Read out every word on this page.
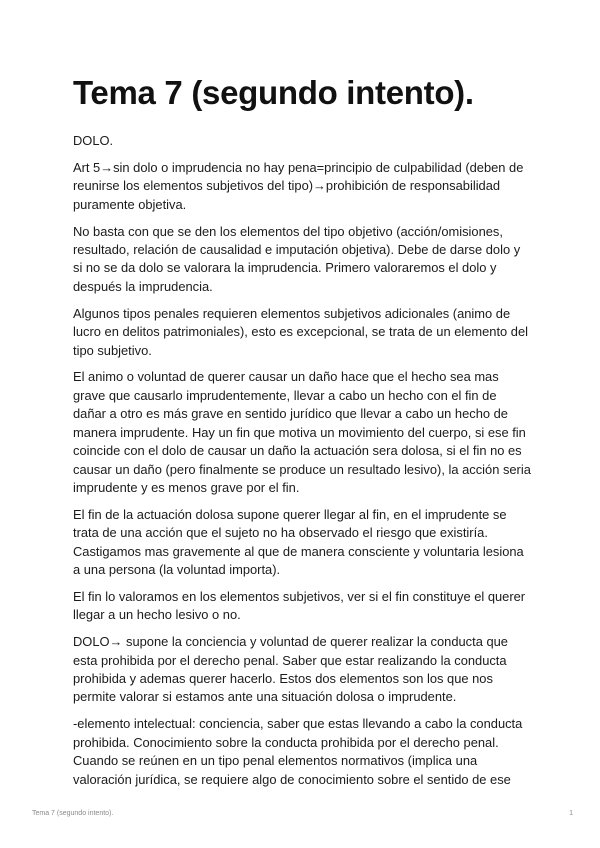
Tema 7 (segundo intento).

DOLO.

Art 5→sin dolo o imprudencia no hay pena=principio de culpabilidad (deben de reunirse los elementos subjetivos del tipo)→prohibición de responsabilidad puramente objetiva.

No basta con que se den los elementos del tipo objetivo (acción/omisiones, resultado, relación de causalidad e imputación objetiva). Debe de darse dolo y si no se da dolo se valorara la imprudencia. Primero valoraremos el dolo y después la imprudencia.

Algunos tipos penales requieren elementos subjetivos adicionales (animo de lucro en delitos patrimoniales), esto es excepcional, se trata de un elemento del tipo subjetivo.

El animo o voluntad de querer causar un daño hace que el hecho sea mas grave que causarlo imprudentemente, llevar a cabo un hecho con el fin de dañar a otro es más grave en sentido jurídico que llevar a cabo un hecho de manera imprudente. Hay un fin que motiva un movimiento del cuerpo, si ese fin coincide con el dolo de causar un daño la actuación sera dolosa, si el fin no es causar un daño (pero finalmente se produce un resultado lesivo), la acción seria imprudente y es menos grave por el fin.

El fin de la actuación dolosa supone querer llegar al fin, en el imprudente se trata de una acción que el sujeto no ha observado el riesgo que existiría. Castigamos mas gravemente al que de manera consciente y voluntaria lesiona a una persona (la voluntad importa).

El fin lo valoramos en los elementos subjetivos, ver si el fin constituye el querer llegar a un hecho lesivo o no.

DOLO→ supone la conciencia y voluntad de querer realizar la conducta que esta prohibida por el derecho penal. Saber que estar realizando la conducta prohibida y ademas querer hacerlo. Estos dos elementos son los que nos permite valorar si estamos ante una situación dolosa o imprudente.

-elemento intelectual: conciencia, saber que estas llevando a cabo la conducta prohibida. Conocimiento sobre la conducta prohibida por el derecho penal. Cuando se reúnen en un tipo penal elementos normativos (implica una valoración jurídica, se requiere algo de conocimiento sobre el sentido de ese

Tema 7 (segundo intento).	1
